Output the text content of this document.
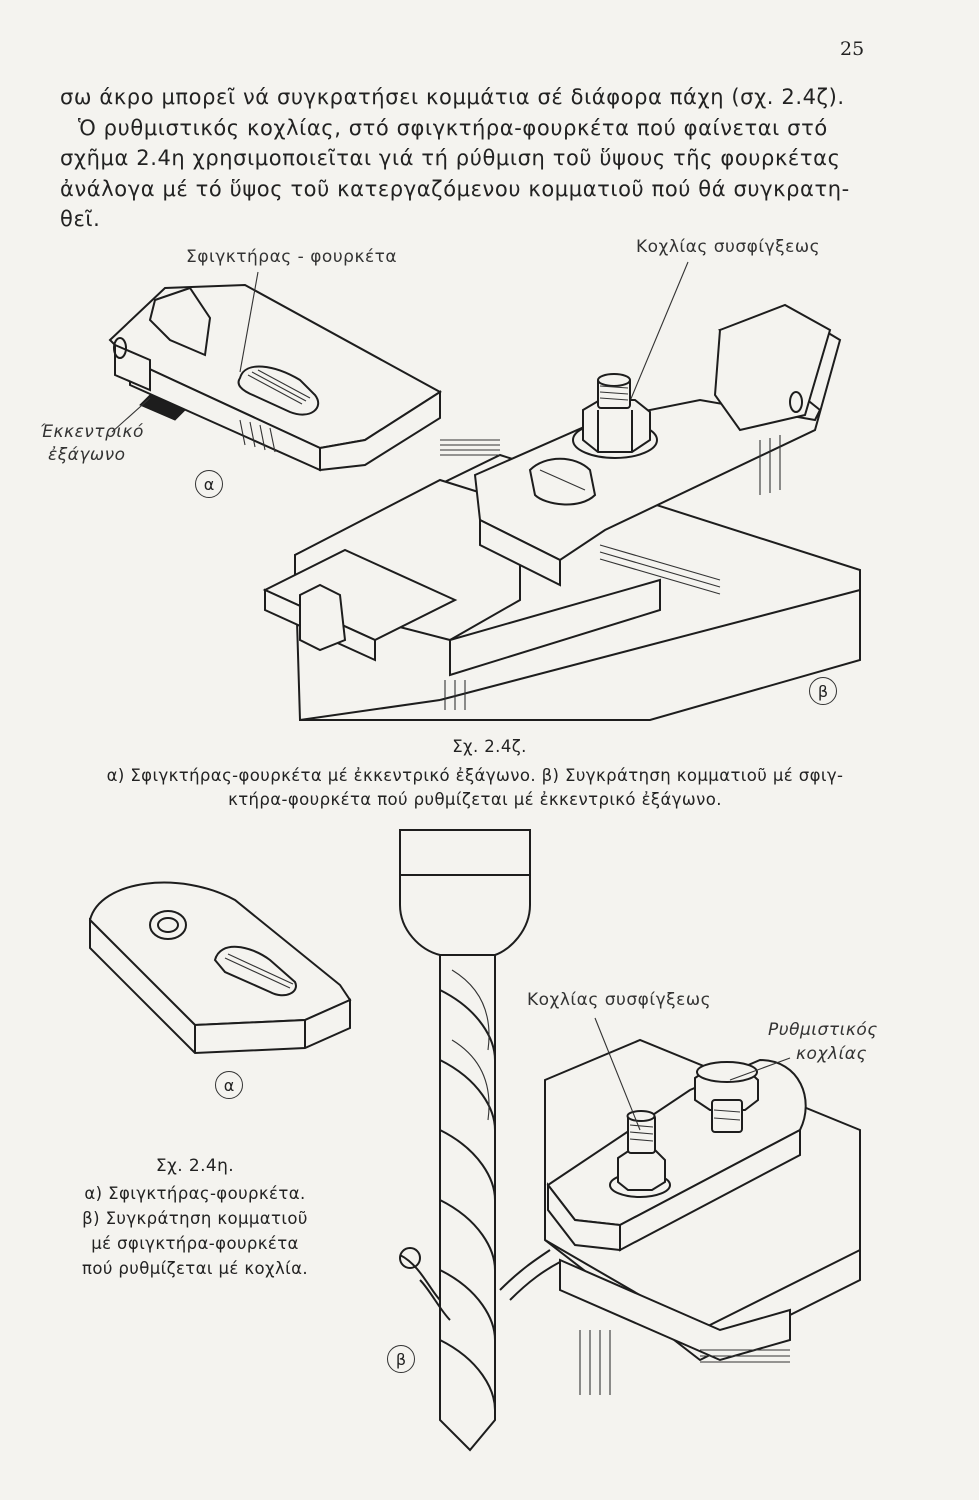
25
σω άκρο μπορεῖ νά συγκρατήσει κομμάτια σέ διάφορα πάχη (σχ. 2.4ζ).
Ὁ ρυθμιστικός κοχλίας, στό σφιγκτήρα-φουρκέτα πού φαίνεται στό
σχῆμα 2.4η χρησιμοποιεῖται γιά τή ρύθμιση τοῦ ὕψους τῆς φουρκέτας
ἀνάλογα μέ τό ὕψος τοῦ κατεργαζόμενου κομματιοῦ πού θά συγκρατη-
θεῖ.
Σφιγκτήρας - φουρκέτα	Κοχλίας συσφίγξεως
Έκκεντρικό
ἐξάγωνο
α
β
Σχ. 2.4ζ.
α) Σφιγκτήρας-φουρκέτα μέ ἐκκεντρικό ἐξάγωνο. β) Συγκράτηση κομματιοῦ μέ σφιγ-
κτήρα-φουρκέτα πού ρυθμίζεται μέ ἐκκεντρικό ἐξάγωνο.
Κοχλίας συσφίγξεως
Ρυθμιστικός
κοχλίας
α
β
Σχ. 2.4η.
α) Σφιγκτήρας-φουρκέτα.
β) Συγκράτηση κομματιοῦ
μέ σφιγκτήρα-φουρκέτα
πού ρυθμίζεται μέ κοχλία.
